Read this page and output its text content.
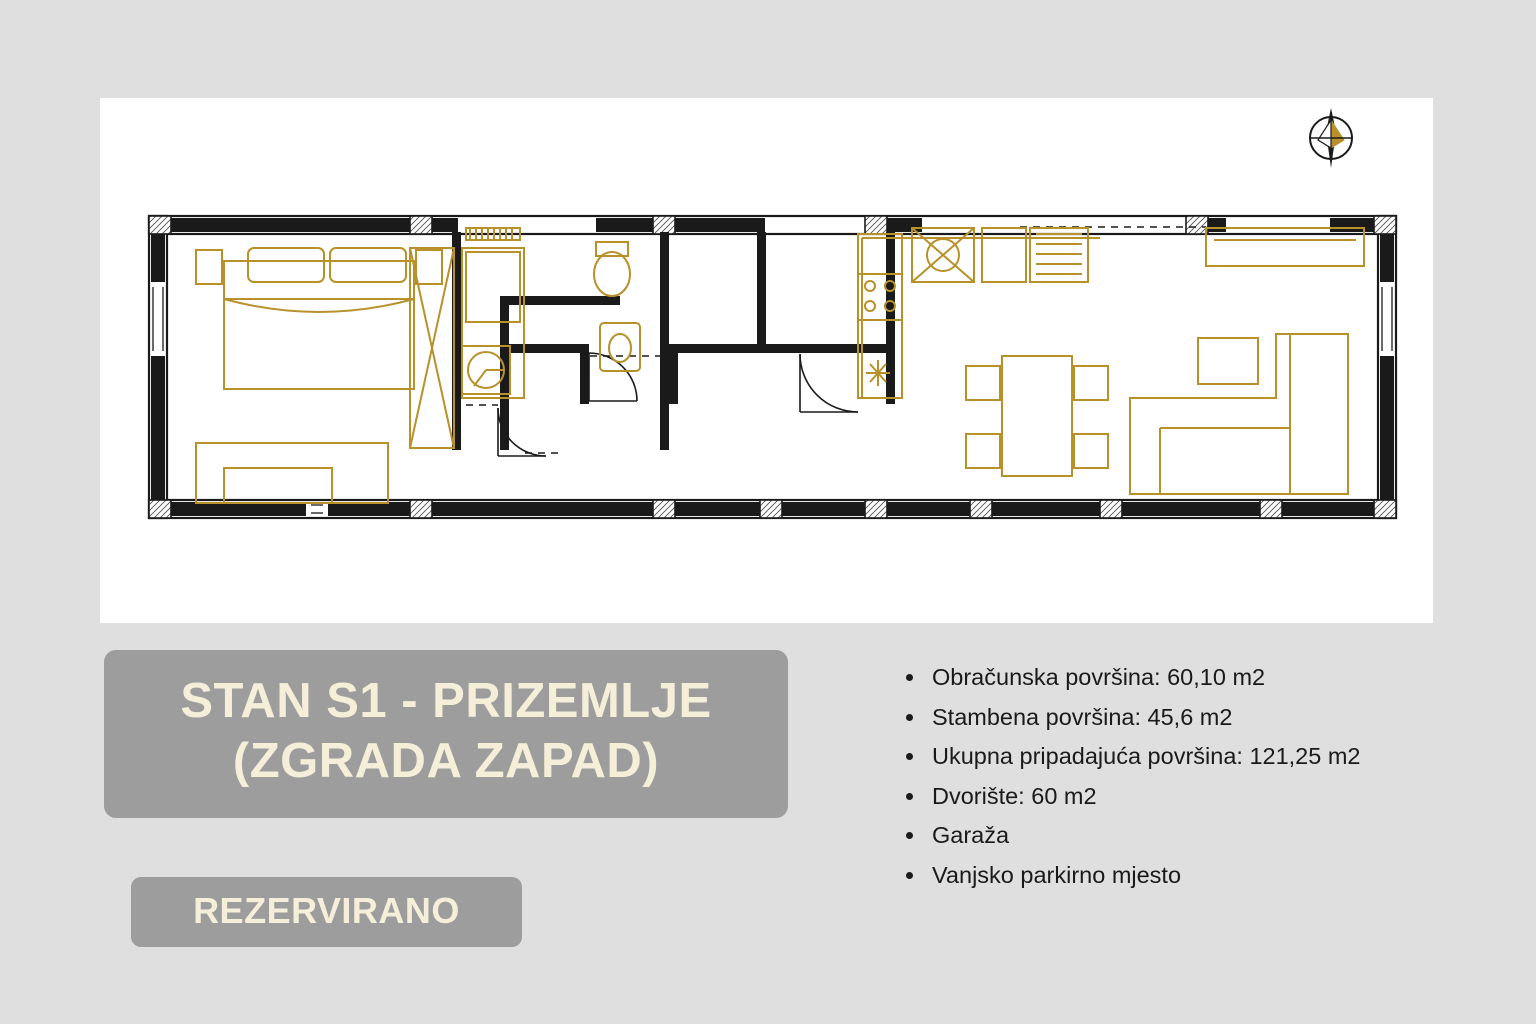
STAN S1 - PRIZEMLJE
(ZGRADA ZAPAD)
REZERVIRANO
Obračunska površina: 60,10 m2
Stambena površina: 45,6 m2
Ukupna pripadajuća površina: 121,25 m2
Dvorište: 60 m2
Garaža
Vanjsko parkirno mjesto
